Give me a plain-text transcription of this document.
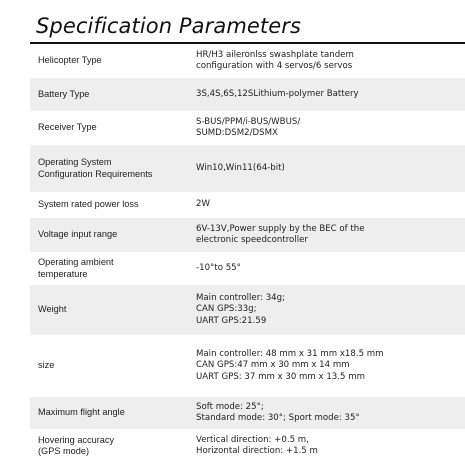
Specification Parameters
Helicopter Type
HR/H3 aileronlss swashplate tandem
configuration with 4 servos/6 servos
Battery Type	3S,4S,6S,12SLithium-polymer Battery
Receiver Type
S-BUS/PPM/i-BUS/WBUS/
SUMD:DSM2/DSMX
Operating System
Configuration Requirements
Win10,Win11(64-bit)
System rated power loss	2W
Voltage input range
6V-13V,Power supply by the BEC of the
electronic speedcontroller
Operating ambient
temperature
-10°to 55°
Weight
Main controller: 34g;
CAN GPS:33g;
UART GPS:21.59
size
Main controller: 48 mm x 31 mm x18.5 mm
CAN GPS:47 mm x 30 mm x 14 mm
UART GPS: 37 mm x 30 mm x 13.5 mm
Maximum flight angle
Soft mode: 25°;
Standard mode: 30°; Sport mode: 35°
Hovering accuracy
(GPS mode)
Vertical direction: +0.5 m,
Horizontal direction: +1.5 m
